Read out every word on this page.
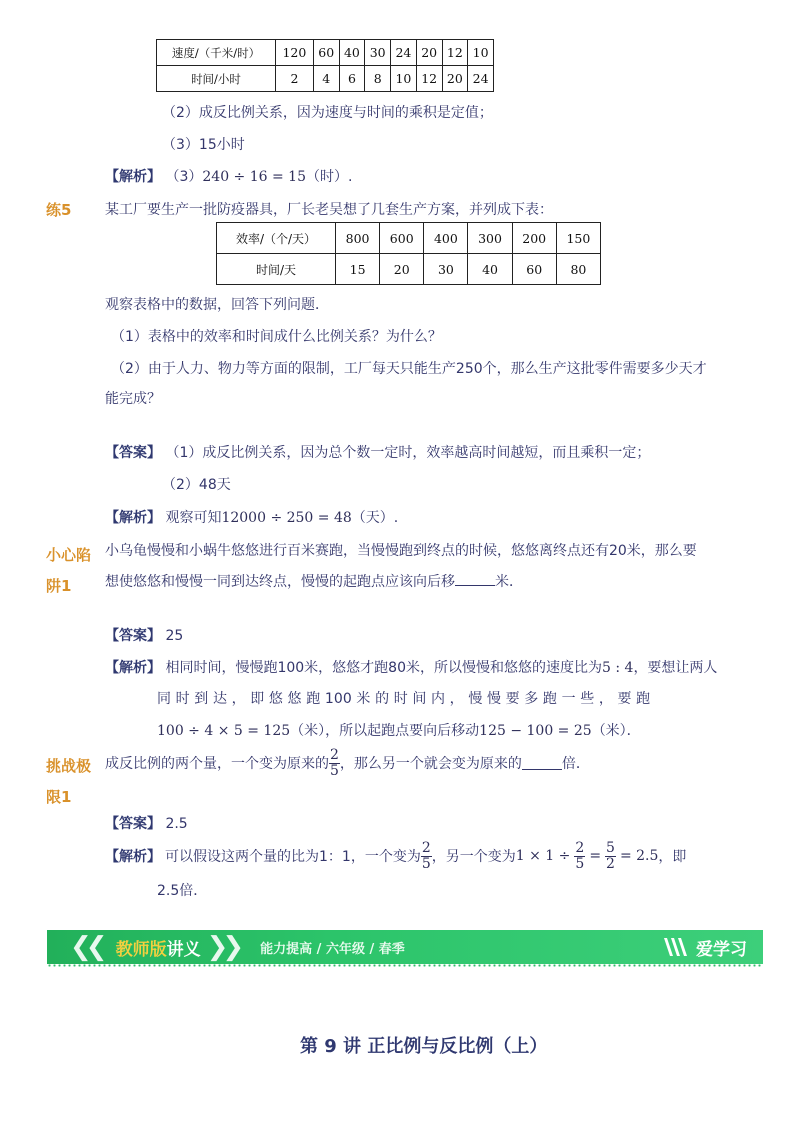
速度/（千米/时）	120	60	40	30	24	20	12	10
时间/小时	2	4	6	8	10	12	20	24
（2）成反比例关系，因为速度与时间的乘积是定值；
（3）15小时
【解析】 （3）240 ÷ 16 = 15（时）.
练5 某工厂要生产一批防疫器具，厂长老吴想了几套生产方案，并列成下表：
效率/（个/天）	800	600	400	300	200	150
时间/天	15	20	30	40	60	80
观察表格中的数据，回答下列问题．
（1）表格中的效率和时间成什么比例关系？为什么？
（2）由于人力、物力等方面的限制，工厂每天只能生产250个，那么生产这批零件需要多少天才
能完成？
【答案】 （1）成反比例关系，因为总个数一定时，效率越高时间越短，而且乘积一定；
（2）48天
【解析】 观察可知12000 ÷ 250 = 48（天）.
小心陷
阱1
小乌龟慢慢和小蜗牛悠悠进行百米赛跑，当慢慢跑到终点的时候，悠悠离终点还有20米，那么要
想使悠悠和慢慢一同到达终点，慢慢的起跑点应该向后移	米．
【答案】 25
【解析】 相同时间，慢慢跑100米，悠悠才跑80米，所以慢慢和悠悠的速度比为5 : 4，要想让两人
同 时 到 达 ， 即 悠 悠 跑 100 米 的 时 间 内 ， 慢 慢 要 多 跑 一 些 ， 要 跑
100 ÷ 4 × 5 = 125（米），所以起跑点要向后移动125 − 100 = 25（米）．
挑战极
限1
成反比例的两个量，一个变为原来的 $\frac{2}{5}$ ，那么另一个就会变为原来的	倍．
【答案】 2.5
【解析】 可以假设这两个量的比为1：1，一个变为 $\frac{2}{5}$ ，另一个变为 $1 \times 1 \div \frac{2}{5} = \frac{5}{2} = 2.5$ ，即
2.5倍．
❮❮ 教师版 讲义 ❯❯ 能力提高 / 六年级 / 春季	爱学习
第 9 讲 正比例与反比例（上）
